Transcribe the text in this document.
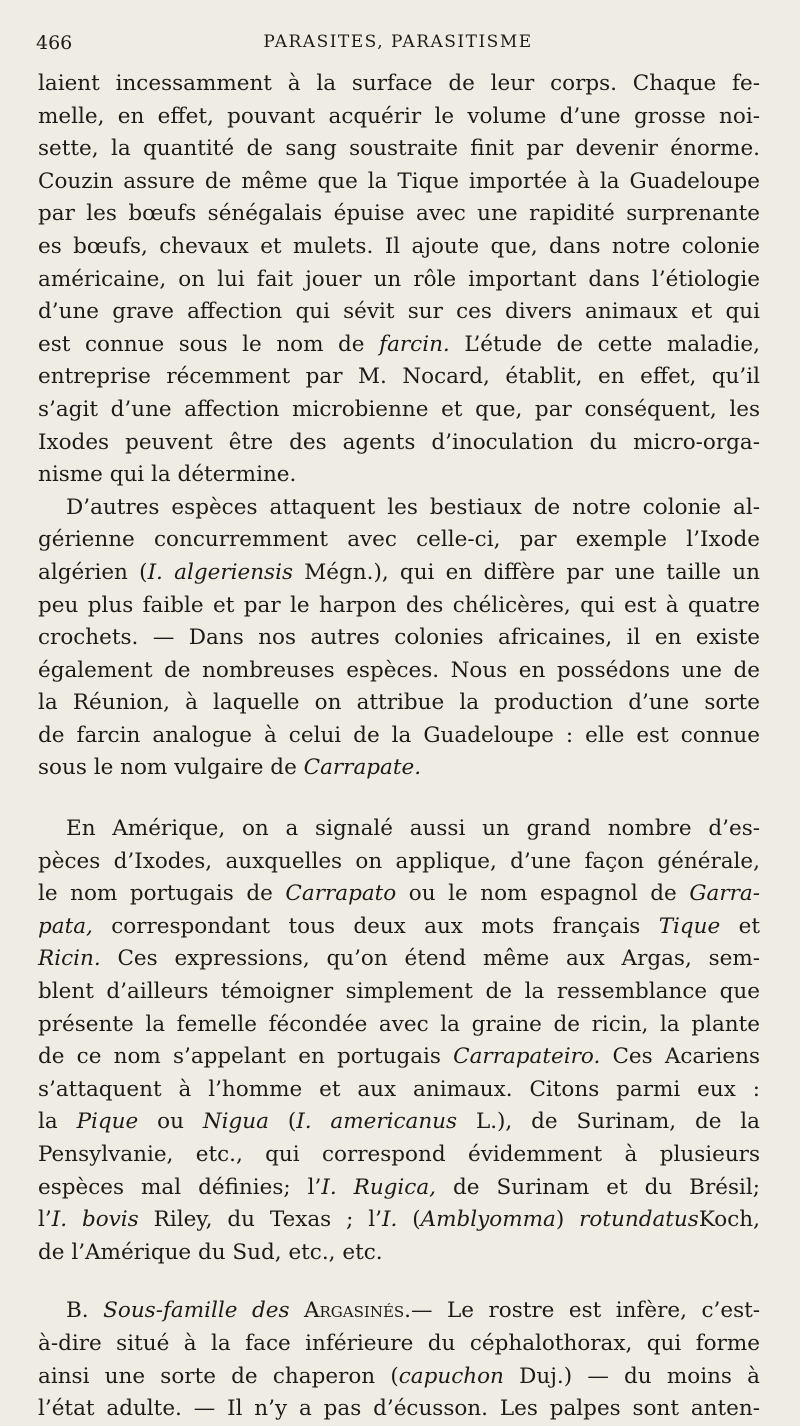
466	PARASITES, PARASITISME
laient incessamment à la surface de leur corps. Chaque fe-
melle, en effet, pouvant acquérir le volume d’une grosse noi-
sette, la quantité de sang soustraite finit par devenir énorme.
Couzin assure de même que la Tique importée à la Guadeloupe
par les bœufs sénégalais épuise avec une rapidité surprenante
es bœufs, chevaux et mulets. Il ajoute que, dans notre colonie
américaine, on lui fait jouer un rôle important dans l’étiologie
d’une grave affection qui sévit sur ces divers animaux et qui
est connue sous le nom de farcin. L’étude de cette maladie,
entreprise récemment par M. Nocard, établit, en effet, qu’il
s’agit d’une affection microbienne et que, par conséquent, les
Ixodes peuvent être des agents d’inoculation du micro-orga-
nisme qui la détermine.
D’autres espèces attaquent les bestiaux de notre colonie al-
gérienne concurremment avec celle-ci, par exemple l’Ixode
algérien (I. algeriensis Mégn.), qui en diffère par une taille un
peu plus faible et par le harpon des chélicères, qui est à quatre
crochets. — Dans nos autres colonies africaines, il en existe
également de nombreuses espèces. Nous en possédons une de
la Réunion, à laquelle on attribue la production d’une sorte
de farcin analogue à celui de la Guadeloupe : elle est connue
sous le nom vulgaire de Carrapate.
En Amérique, on a signalé aussi un grand nombre d’es-
pèces d’Ixodes, auxquelles on applique, d’une façon générale,
le nom portugais de Carrapato ou le nom espagnol de Garra-
pata, correspondant tous deux aux mots français Tique et
Ricin. Ces expressions, qu’on étend même aux Argas, sem-
blent d’ailleurs témoigner simplement de la ressemblance que
présente la femelle fécondée avec la graine de ricin, la plante
de ce nom s’appelant en portugais Carrapateiro. Ces Acariens
s’attaquent à l’homme et aux animaux. Citons parmi eux :
la Pique ou Nigua (I. americanus L.), de Surinam, de la
Pensylvanie, etc., qui correspond évidemment à plusieurs
espèces mal définies; l’I. Rugica, de Surinam et du Brésil;
l’I. bovis Riley, du Texas ; l’I. (Amblyomma) rotundatusKoch,
de l’Amérique du Sud, etc., etc.
B. Sous-famille des Argasinés.— Le rostre est infère, c’est-
à-dire situé à la face inférieure du céphalothorax, qui forme
ainsi une sorte de chaperon (capuchon Duj.) — du moins à
l’état adulte. — Il n’y a pas d’écusson. Les palpes sont anten-
